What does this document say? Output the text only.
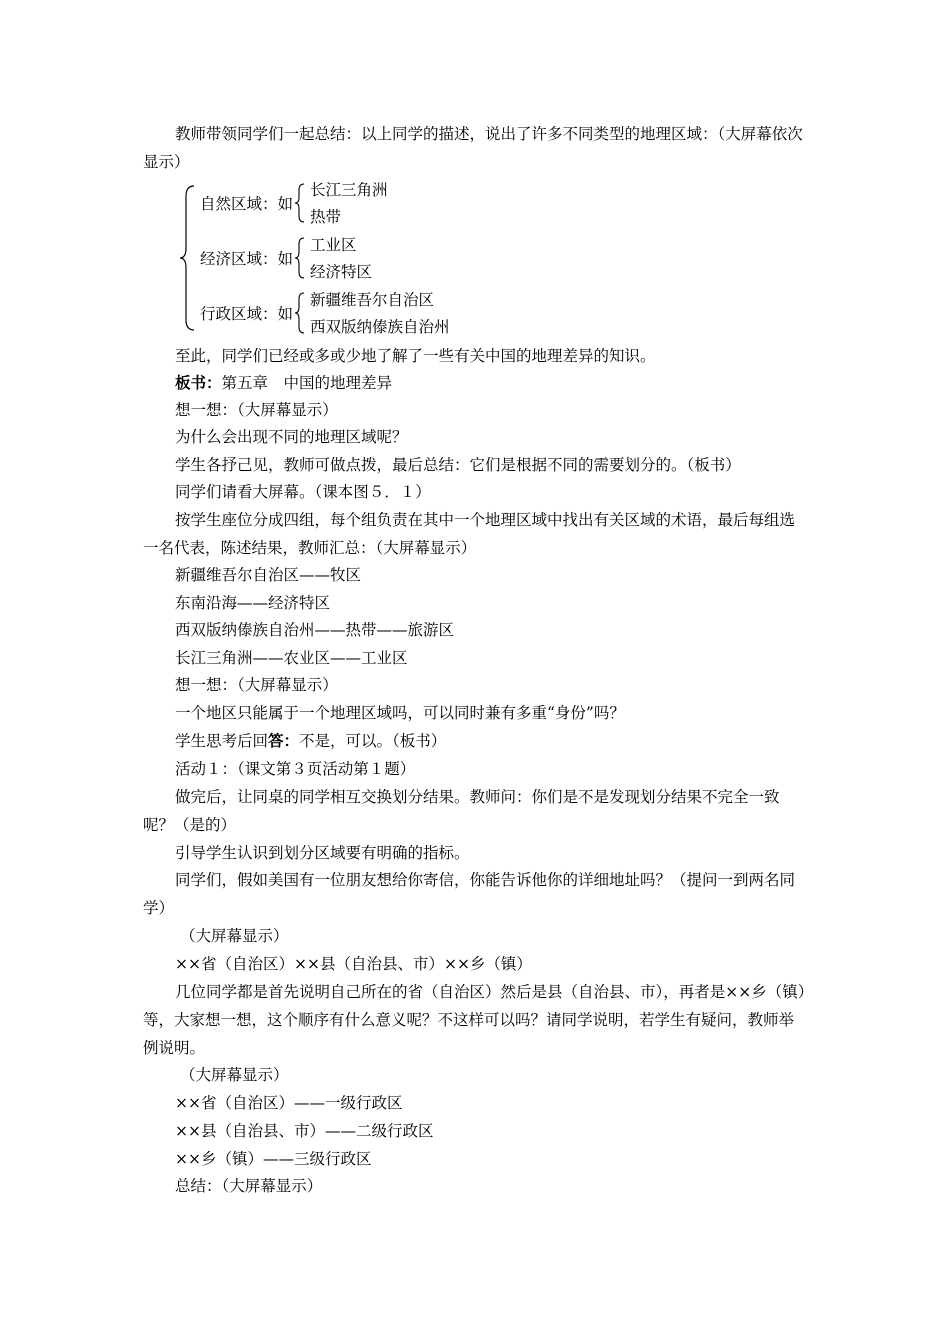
教师带领同学们一起总结：以上同学的描述，说出了许多不同类型的地理区域：（大屏幕依次显示）
自然区域：如
长江三角洲
热带
经济区域：如
工业区
经济特区
行政区域：如
新疆维吾尔自治区
西双版纳傣族自治州
至此，同学们已经或多或少地了解了一些有关中国的地理差异的知识。
板书：第五章　中国的地理差异
想一想：（大屏幕显示）
为什么会出现不同的地理区域呢？
学生各抒己见，教师可做点拨，最后总结：它们是根据不同的需要划分的。（板书）
同学们请看大屏幕。（课本图５．１）
按学生座位分成四组，每个组负责在其中一个地理区域中找出有关区域的术语，最后每组选一名代表，陈述结果，教师汇总：（大屏幕显示）
新疆维吾尔自治区——牧区
东南沿海——经济特区
西双版纳傣族自治州——热带——旅游区
长江三角洲——农业区——工业区
想一想：（大屏幕显示）
一个地区只能属于一个地理区域吗，可以同时兼有多重“身份”吗？
学生思考后回答：不是，可以。（板书）
活动１：（课文第３页活动第１题）
做完后，让同桌的同学相互交换划分结果。教师问：你们是不是发现划分结果不完全一致呢？（是的）
引导学生认识到划分区域要有明确的指标。
同学们，假如美国有一位朋友想给你寄信，你能告诉他你的详细地址吗？（提问一到两名同学）
（大屏幕显示）
××省（自治区）××县（自治县、市）××乡（镇）
几位同学都是首先说明自己所在的省（自治区）然后是县（自治县、市），再者是××乡（镇）等，大家想一想，这个顺序有什么意义呢？不这样可以吗？请同学说明，若学生有疑问，教师举例说明。
（大屏幕显示）
××省（自治区）——一级行政区
××县（自治县、市）——二级行政区
××乡（镇）——三级行政区
总结：（大屏幕显示）
